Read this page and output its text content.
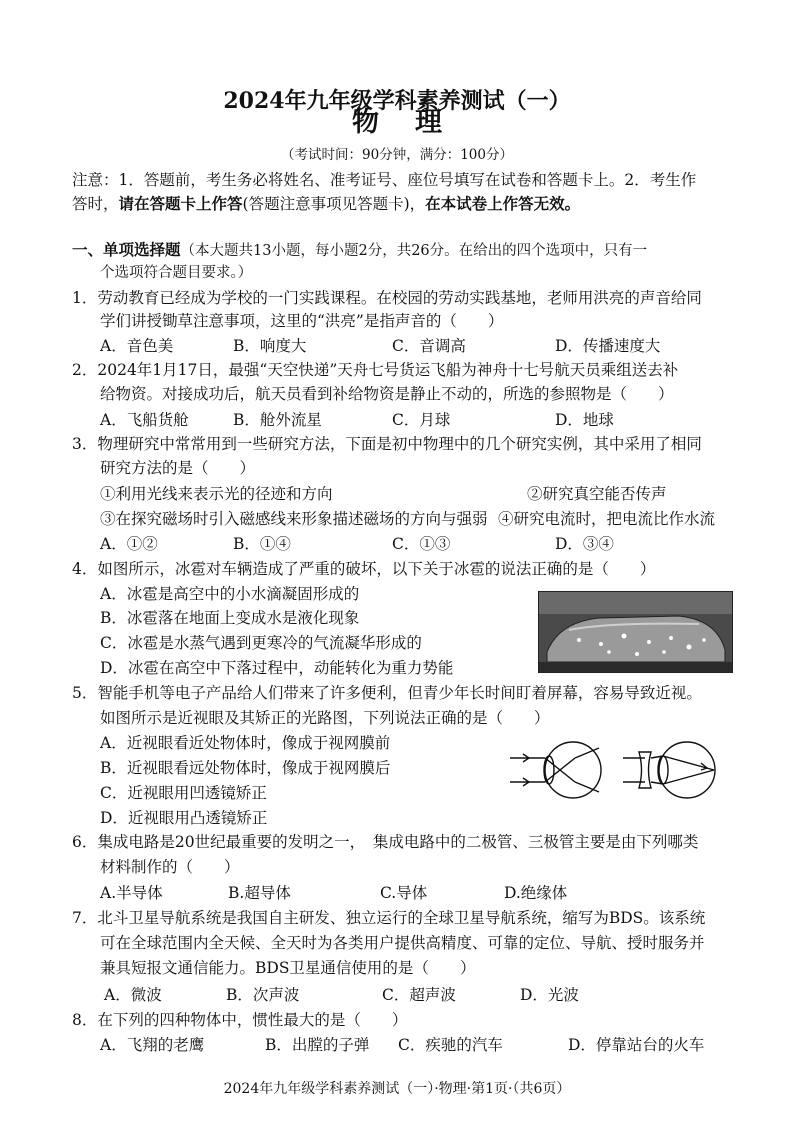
2024年九年级学科素养测试（一）
物理
（考试时间：90分钟，满分：100分）
注意：1．答题前，考生务必将姓名、准考证号、座位号填写在试卷和答题卡上。2．考生作
答时，请在答题卡上作答(答题注意事项见答题卡)，在本试卷上作答无效。
一、单项选择题（本大题共13小题，每小题2分，共26分。在给出的四个选项中，只有一
个选项符合题目要求。）
1．劳动教育已经成为学校的一门实践课程。在校园的劳动实践基地，老师用洪亮的声音给同
学们讲授锄草注意事项，这里的“洪亮”是指声音的（　　）
A．音色美	B．响度大	C．音调高	D．传播速度大
2．2024年1月17日，最强“天空快递”天舟七号货运飞船为神舟十七号航天员乘组送去补
给物资。对接成功后，航天员看到补给物资是静止不动的，所选的参照物是（　　）
A．飞船货舱	B．舱外流星	C．月球	D．地球
3．物理研究中常常用到一些研究方法，下面是初中物理中的几个研究实例，其中采用了相同
研究方法的是（　　）
①利用光线来表示光的径迹和方向	②研究真空能否传声
③在探究磁场时引入磁感线来形象描述磁场的方向与强弱 ④研究电流时，把电流比作水流
A．①②	B．①④	C．①③	D．③④
4．如图所示，冰雹对车辆造成了严重的破坏，以下关于冰雹的说法正确的是（　　）
A．冰雹是高空中的小水滴凝固形成的
B．冰雹落在地面上变成水是液化现象
C．冰雹是水蒸气遇到更寒冷的气流凝华形成的
D．冰雹在高空中下落过程中，动能转化为重力势能
5．智能手机等电子产品给人们带来了许多便利，但青少年长时间盯着屏幕，容易导致近视。
如图所示是近视眼及其矫正的光路图，下列说法正确的是（　　）
A．近视眼看近处物体时，像成于视网膜前
B．近视眼看远处物体时，像成于视网膜后
C．近视眼用凹透镜矫正
D．近视眼用凸透镜矫正
6．集成电路是20世纪最重要的发明之一，　集成电路中的二极管、三极管主要是由下列哪类
材料制作的（　　）
A.半导体	B.超导体	C.导体	D.绝缘体
7．北斗卫星导航系统是我国自主研发、独立运行的全球卫星导航系统，缩写为BDS。该系统
可在全球范围内全天候、全天时为各类用户提供高精度、可靠的定位、导航、授时服务并
兼具短报文通信能力。BDS卫星通信使用的是（　　）
A．微波	B．次声波	C．超声波	D．光波
8．在下列的四种物体中，惯性最大的是（　　）
A．飞翔的老鹰	B．出膛的子弹 C．疾驰的汽车	D．停靠站台的火车
2024年九年级学科素养测试（一）·物理·第1页·（共6页）
